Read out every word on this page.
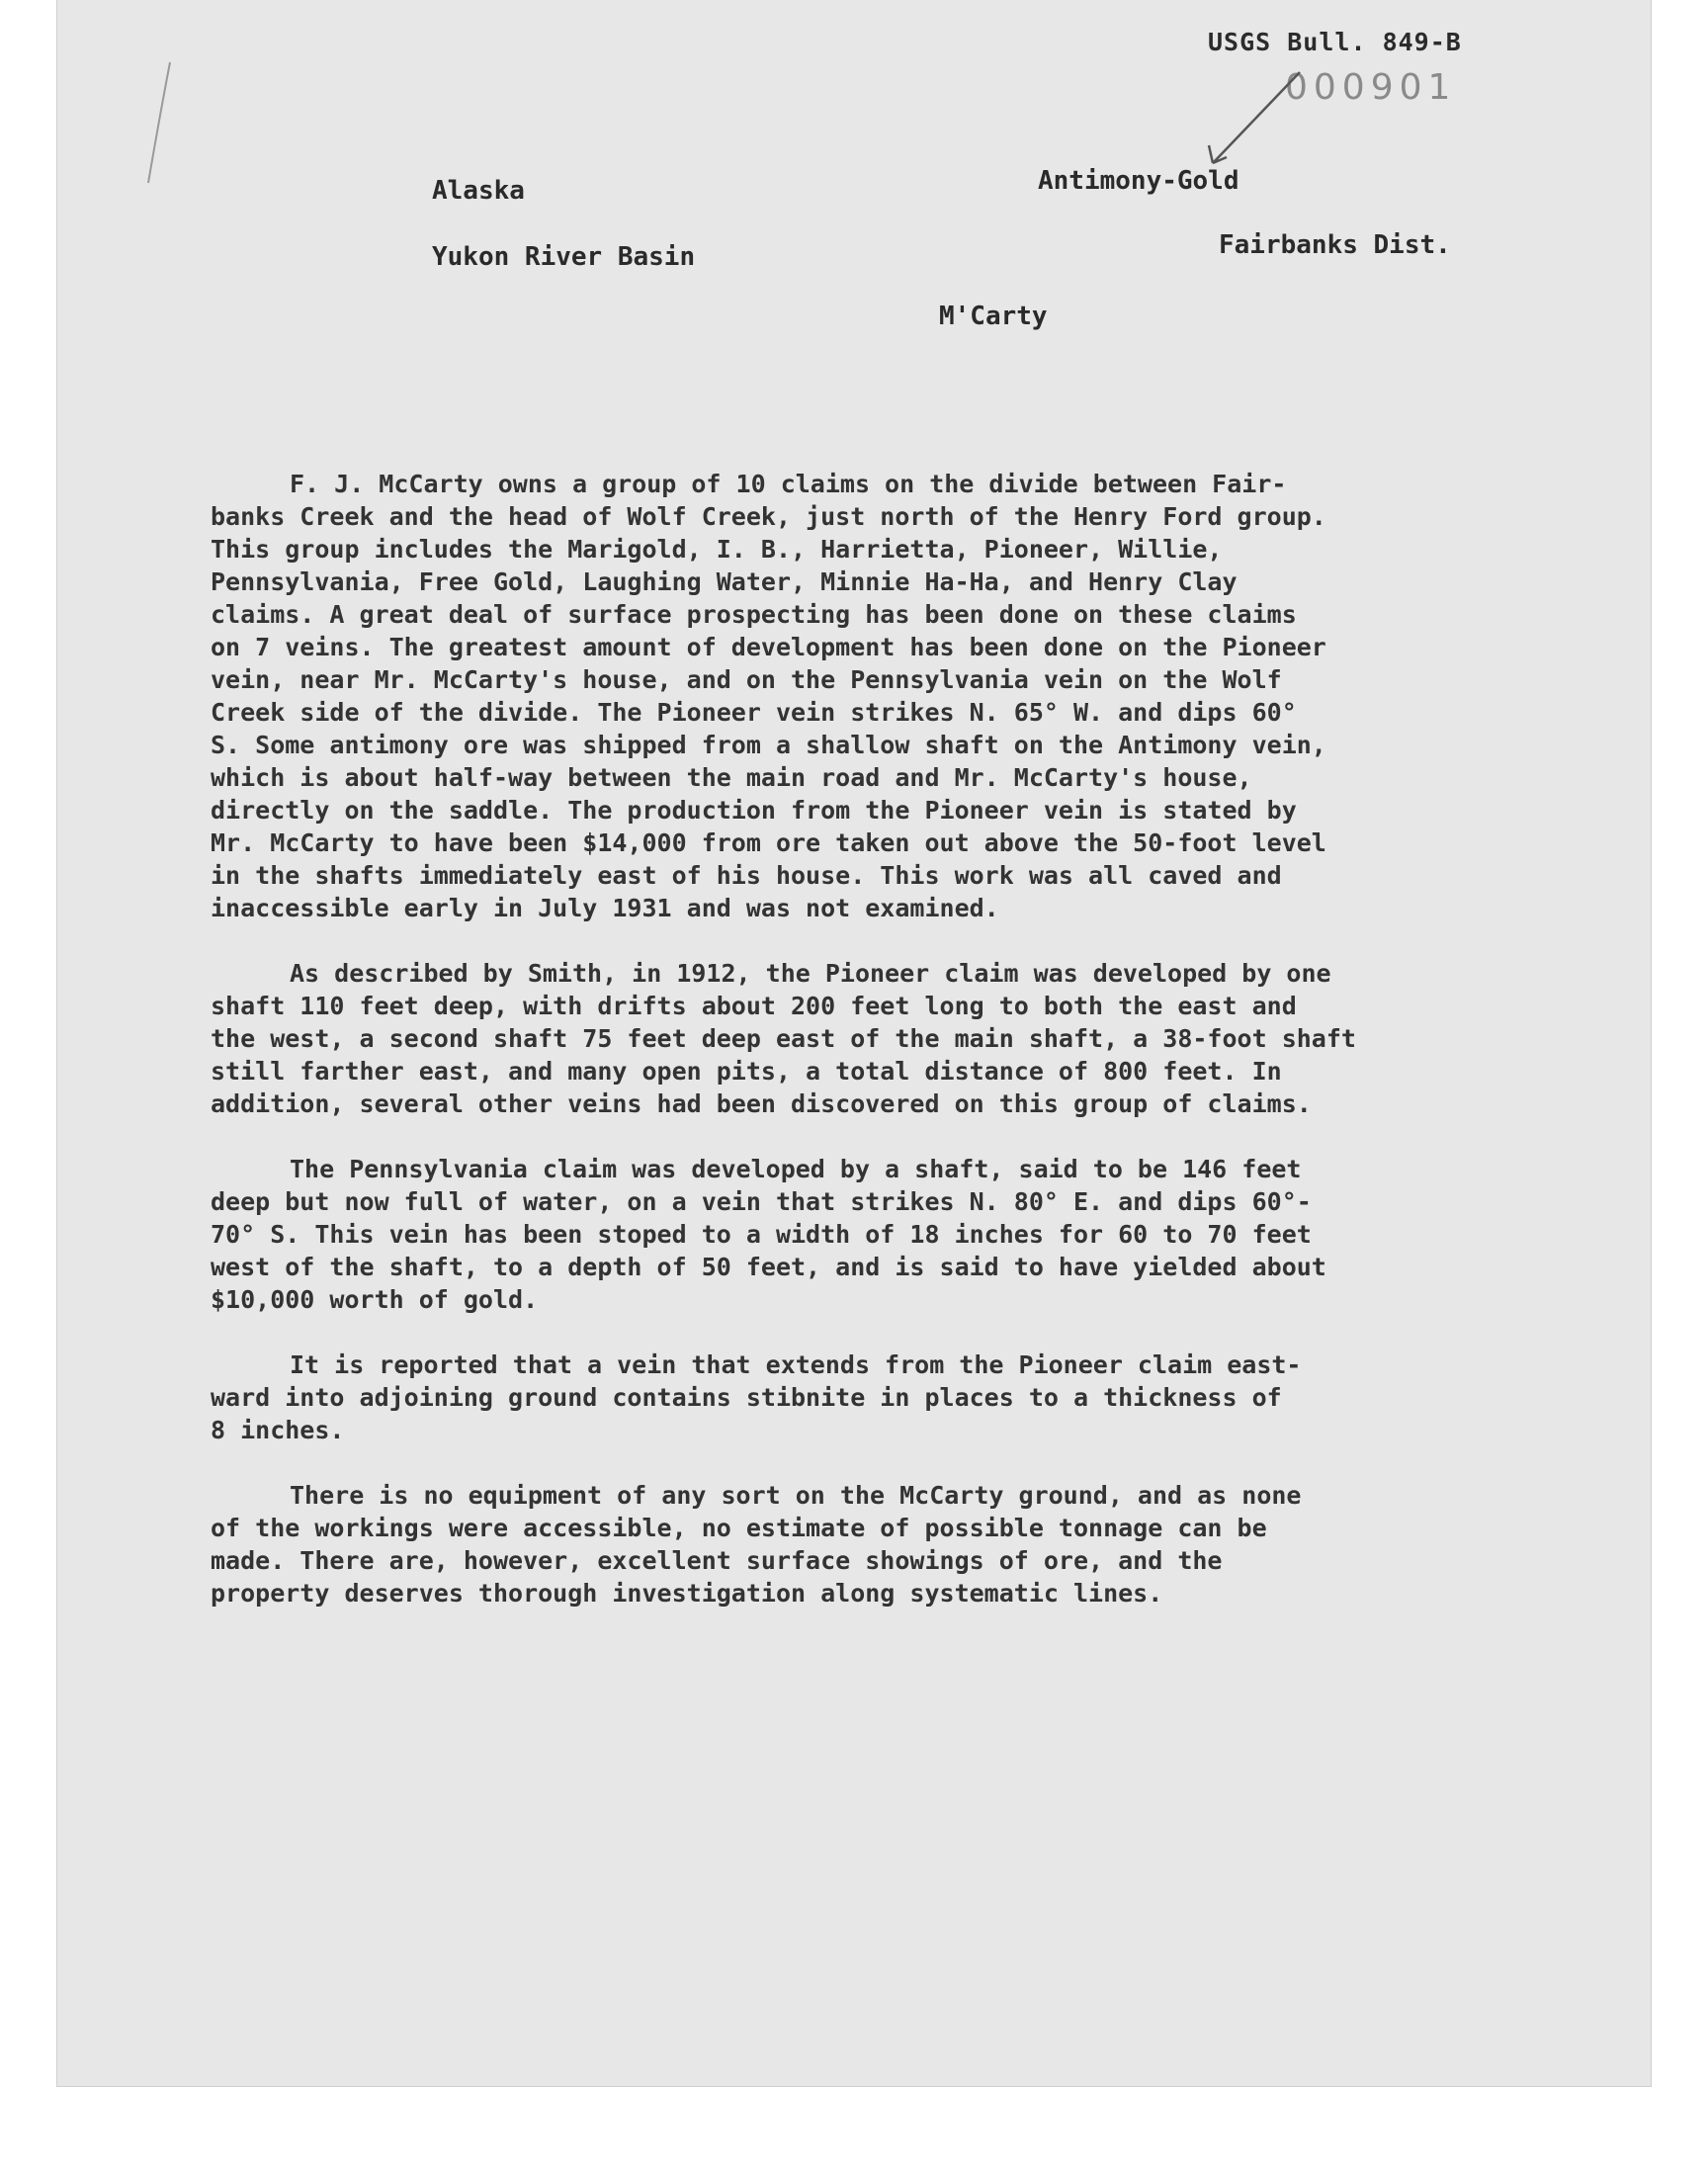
USGS Bull. 849-B
000901
Alaska
Yukon River Basin
Antimony-Gold
Fairbanks Dist.
M'Carty
F. J. McCarty owns a group of 10 claims on the divide between Fair-
banks Creek and the head of Wolf Creek, just north of the Henry Ford group.
This group includes the Marigold, I. B., Harrietta, Pioneer, Willie,
Pennsylvania, Free Gold, Laughing Water, Minnie Ha-Ha, and Henry Clay
claims. A great deal of surface prospecting has been done on these claims
on 7 veins. The greatest amount of development has been done on the Pioneer
vein, near Mr. McCarty's house, and on the Pennsylvania vein on the Wolf
Creek side of the divide. The Pioneer vein strikes N. 65° W. and dips 60°
S. Some antimony ore was shipped from a shallow shaft on the Antimony vein,
which is about half-way between the main road and Mr. McCarty's house,
directly on the saddle. The production from the Pioneer vein is stated by
Mr. McCarty to have been $14,000 from ore taken out above the 50-foot level
in the shafts immediately east of his house. This work was all caved and
inaccessible early in July 1931 and was not examined.
As described by Smith, in 1912, the Pioneer claim was developed by one
shaft 110 feet deep, with drifts about 200 feet long to both the east and
the west, a second shaft 75 feet deep east of the main shaft, a 38-foot shaft
still farther east, and many open pits, a total distance of 800 feet. In
addition, several other veins had been discovered on this group of claims.
The Pennsylvania claim was developed by a shaft, said to be 146 feet
deep but now full of water, on a vein that strikes N. 80° E. and dips 60°-
70° S. This vein has been stoped to a width of 18 inches for 60 to 70 feet
west of the shaft, to a depth of 50 feet, and is said to have yielded about
$10,000 worth of gold.
It is reported that a vein that extends from the Pioneer claim east-
ward into adjoining ground contains stibnite in places to a thickness of
8 inches.
There is no equipment of any sort on the McCarty ground, and as none
of the workings were accessible, no estimate of possible tonnage can be
made. There are, however, excellent surface showings of ore, and the
property deserves thorough investigation along systematic lines.
